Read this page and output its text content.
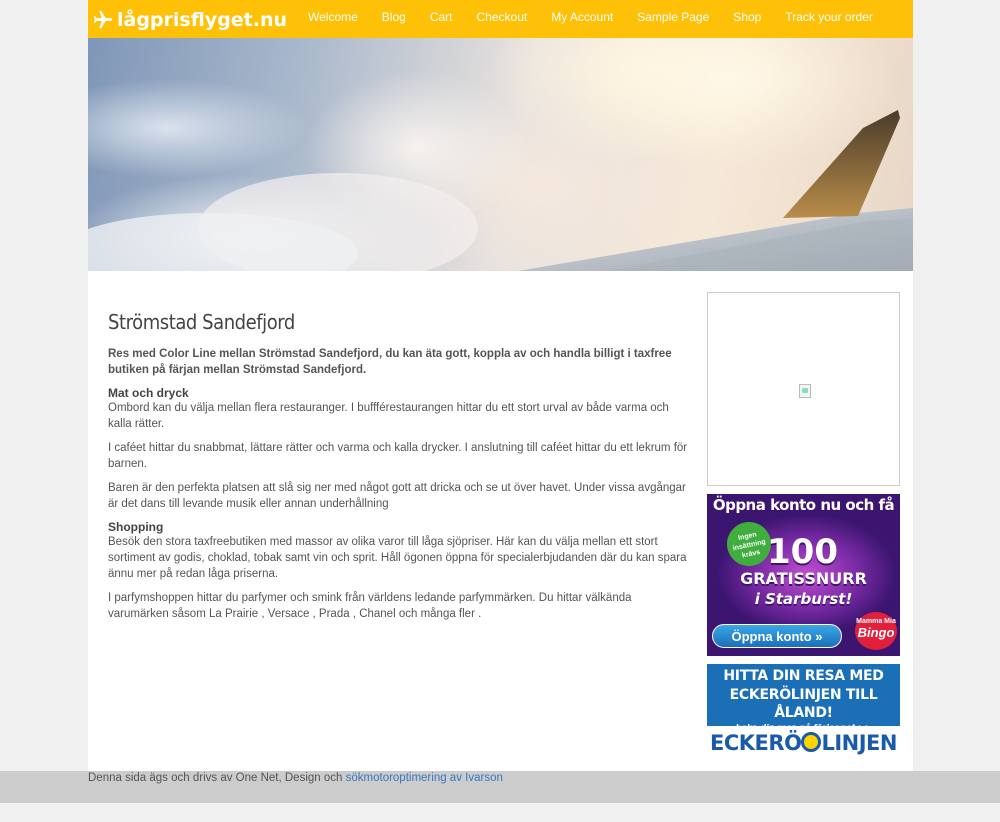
lågprisflyget.nu	Welcome	Blog	Cart	Checkout	My Account	Sample Page	Shop	Track your order
Strömstad Sandefjord

Res med Color Line mellan Strömstad Sandefjord, du kan äta gott, koppla av och handla billigt i taxfree butiken på färjan mellan Strömstad Sandefjord.

Mat och dryck

Ombord kan du välja mellan flera restauranger. I buffférestaurangen hittar du ett stort urval av både varma och kalla rätter.

I caféet hittar du snabbmat, lättare rätter och varma och kalla drycker. I anslutning till caféet hittar du ett lekrum för barnen.

Baren är den perfekta platsen att slå sig ner med något gott att dricka och se ut över havet. Under vissa avgångar är det dans till levande musik eller annan underhållning

Shopping

Besök den stora taxfreebutiken med massor av olika varor till låga sjöpriser. Här kan du välja mellan ett stort sortiment av godis, choklad, tobak samt vin och sprit. Håll ögonen öppna för specialerbjudanden där du kan spara ännu mer på redan låga priserna.

I parfymshoppen hittar du parfymer och smink från världens ledande parfymmärken. Du hittar välkända varumärken såsom La Prairie , Versace , Prada , Chanel och många fler .

Öppna konto nu och få
Ingen insättning krävs 100
GRATISSNURR
i Starburst!
Öppna konto »
Mamma Mia
Bingo
HITTA DIN RESA MED
ECKERÖLINJEN TILL ÅLAND!
boka din resa på färjor.net >>
ECKERÖ LINJEN
Denna sida ägs och drivs av One Net, Design och sökmotoroptimering av Ivarson
